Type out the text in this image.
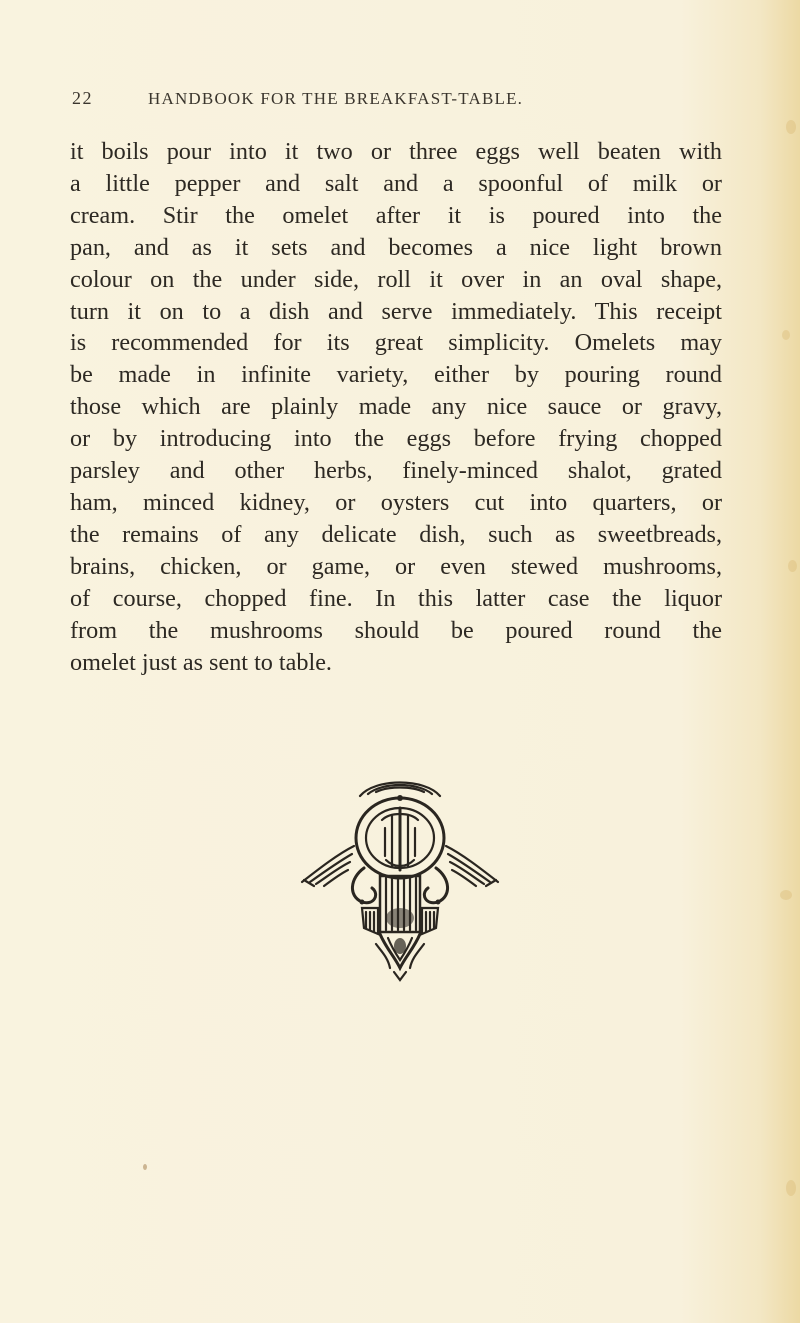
22	HANDBOOK FOR THE BREAKFAST-TABLE.

it boils pour into it two or three eggs well beaten with
a little pepper and salt and a spoonful of milk or
cream. Stir the omelet after it is poured into the
pan, and as it sets and becomes a nice light brown
colour on the under side, roll it over in an oval shape,
turn it on to a dish and serve immediately. This receipt
is recommended for its great simplicity. Omelets may
be made in infinite variety, either by pouring round
those which are plainly made any nice sauce or gravy,
or by introducing into the eggs before frying chopped
parsley and other herbs, finely-minced shalot, grated
ham, minced kidney, or oysters cut into quarters, or
the remains of any delicate dish, such as sweetbreads,
brains, chicken, or game, or even stewed mushrooms,
of course, chopped fine. In this latter case the liquor
from the mushrooms should be poured round the
omelet just as sent to table.
